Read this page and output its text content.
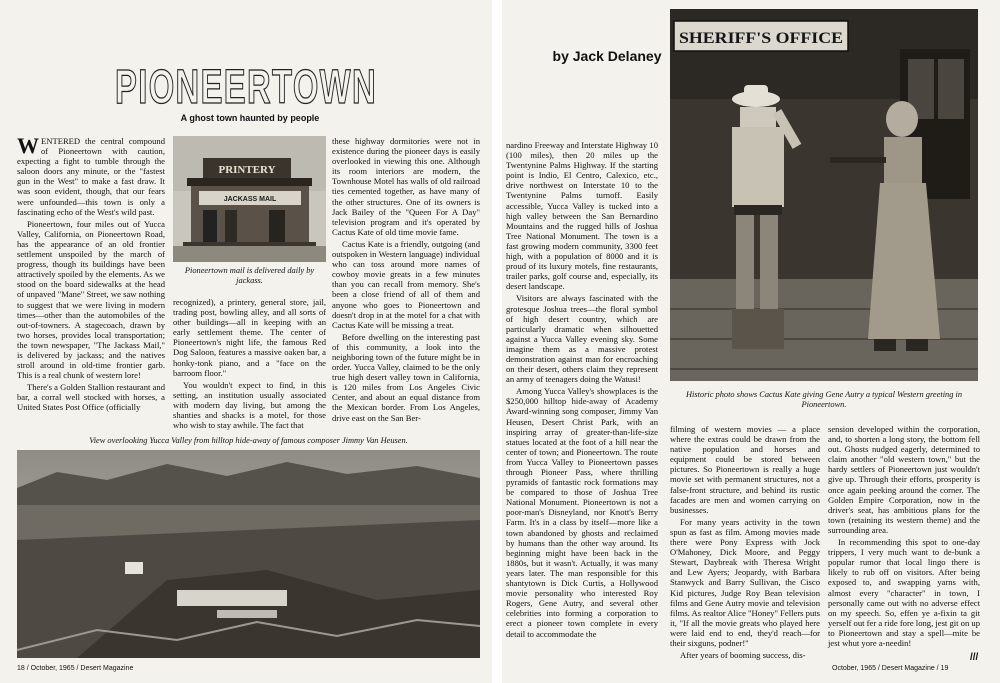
PIONEERTOWN
A ghost town haunted by people

WENTERED the central compound of Pioneertown with caution, expecting a fight to tumble through the saloon doors any minute, or the "fastest gun in the West" to make a fast draw. It was soon evident, though, that our fears were unfounded—this town is only a fascinating echo of the West's wild past.

Pioneertown, four miles out of Yucca Valley, California, on Pioneertown Road, has the appearance of an old frontier settlement unspoiled by the march of progress, though its buildings have been attractively spoiled by the elements. As we stood on the board sidewalks at the head of unpaved "Mane" Street, we saw nothing to suggest that we were living in modern times—other than the automobiles of the out-of-towners. A stagecoach, drawn by two horses, provides local transportation; the town newspaper, "The Jackass Mail," is delivered by jackass; and the natives stroll around in old-time frontier garb. This is a real chunk of western lore!

There's a Golden Stallion restaurant and bar, a corral well stocked with horses, a United States Post Office (officially

PRINTERY
JACKASS MAIL
Pioneertown mail is delivered daily by jackass.

recognized), a printery, general store, jail, trading post, bowling alley, and all sorts of other buildings—all in keeping with an early settlement theme. The center of Pioneertown's night life, the famous Red Dog Saloon, features a massive oaken bar, a honky-tonk piano, and a "face on the barroom floor."

You wouldn't expect to find, in this setting, an institution usually associated with modern day living, but among the shanties and shacks is a motel, for those who wish to stay awhile. The fact that

these highway dormitories were not in existence during the pioneer days is easily overlooked in viewing this one. Although its room interiors are modern, the Townhouse Motel has walls of old railroad ties cemented together, as have many of the other structures. One of its owners is Jack Bailey of the "Queen For A Day" television program and it's operated by Cactus Kate of old time movie fame.

Cactus Kate is a friendly, outgoing (and outspoken in Western language) individual who can toss around more names of cowboy movie greats in a few minutes than you can recall from memory. She's been a close friend of all of them and anyone who goes to Pioneertown and doesn't drop in at the motel for a chat with Cactus Kate will be missing a treat.

Before dwelling on the interesting past of this community, a look into the neighboring town of the future might be in order. Yucca Valley, claimed to be the only true high desert valley town in California, is 120 miles from Los Angeles Civic Center, and about an equal distance from the Mexican border. From Los Angeles, drive east on the San Ber-

View overlooking Yucca Valley from hilltop hide-away of famous composer Jimmy Van Heusen.
18 / October, 1965 / Desert Magazine
by Jack Delaney
SHERIFF'S OFFICE
Historic photo shows Cactus Kate giving Gene Autry a typical Western greeting in Pioneertown.

nardino Freeway and Interstate Highway 10 (100 miles), then 20 miles up the Twentynine Palms Highway. If the starting point is Indio, El Centro, Calexico, etc., drive northwest on Interstate 10 to the Twentynine Palms turnoff. Easily accessible, Yucca Valley is tucked into a high valley between the San Bernardino Mountains and the rugged hills of Joshua Tree National Monument. The town is a fast growing modern community, 3300 feet high, with a population of 8000 and it is proud of its luxury motels, fine restaurants, trailer parks, golf course and, especially, its desert landscape.

Visitors are always fascinated with the grotesque Joshua trees—the floral symbol of high desert country, which are particularly dramatic when silhouetted against a Yucca Valley evening sky. Some imagine them as a massive protest demonstration against man for encroaching on their desert, others claim they represent an army of teenagers doing the Watusi!

Among Yucca Valley's showplaces is the $250,000 hilltop hide-away of Academy Award-winning song composer, Jimmy Van Heusen, Desert Christ Park, with an inspiring array of greater-than-life-size statues located at the foot of a hill near the center of town; and Pioneertown. The route from Yucca Valley to Pioneertown passes through Pioneer Pass, where thrilling pyramids of fantastic rock formations may be compared to those of Joshua Tree National Monument. Pioneertown is not a poor-man's Disneyland, nor Knott's Berry Farm. It's in a class by itself—more like a town abandoned by ghosts and reclaimed by humans than the other way around. Its beginning might have been back in the 1880s, but it wasn't. Actually, it was many years later. The man responsible for this shantytown is Dick Curtis, a Hollywood movie personality who interested Roy Rogers, Gene Autry, and several other celebrities into forming a corporation to erect a pioneer town complete in every detail to accommodate the

filming of western movies — a place where the extras could be drawn from the native population and horses and equipment could be stored between pictures. So Pioneertown is really a huge movie set with permanent structures, not a false-front structure, and behind its rustic facades are men and women carrying on businesses.

For many years activity in the town spun as fast as film. Among movies made there were Pony Express with Jock O'Mahoney, Dick Moore, and Peggy Stewart, Daybreak with Theresa Wright and Lew Ayers; Jeopardy, with Barbara Stanwyck and Barry Sullivan, the Cisco Kid pictures, Judge Roy Bean television films and Gene Autry movie and television films. As realtor Alice "Honey" Fellers puts it, "If all the movie greats who played here were laid end to end, they'd reach—for their sixguns, podner!"

After years of booming success, dis-

sension developed within the corporation, and, to shorten a long story, the bottom fell out. Ghosts nudged eagerly, determined to claim another "old western town," but the hardy settlers of Pioneertown just wouldn't give up. Through their efforts, prosperity is once again peeking around the corner. The Golden Empire Corporation, now in the driver's seat, has ambitious plans for the town (retaining its western theme) and the surrounding area.

In recommending this spot to one-day trippers, I very much want to de-bunk a popular rumor that local lingo there is likely to rub off on visitors. After being exposed to, and swapping yarns with, almost every "character" in town, I personally came out with no adverse effect on my speech. So, effen ye a-fixin ta git yerself out fer a ride fore long, jest git on up to Pioneertown and stay a spell—mite be jest whut yore a-needin!

///
October, 1965 / Desert Magazine / 19
